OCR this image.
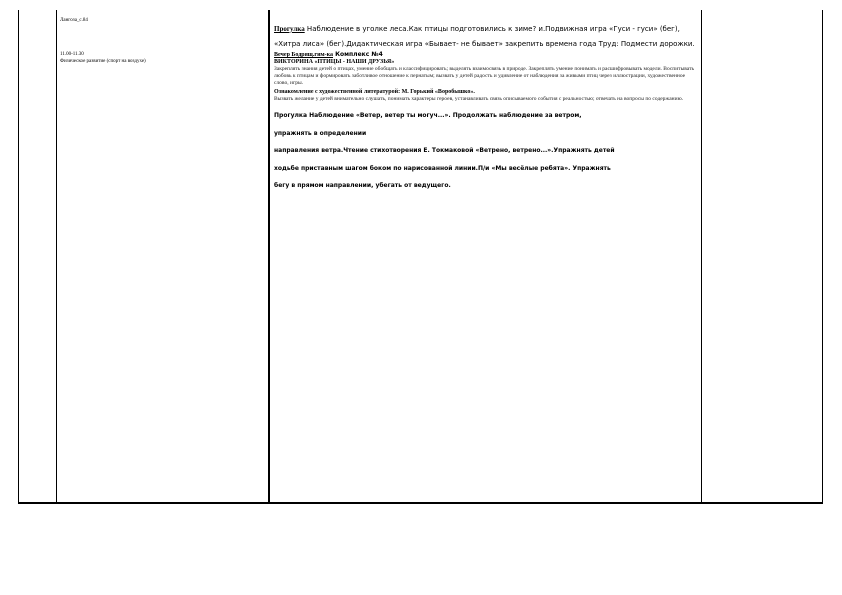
Лангоза_с.84

11.00-11.30

Физическое развитие (спорт на воздухе)

Прогулка Наблюдение в уголке леса.Как птицы подготовились к зиме? и.Подвижная игра «Гуси - гуси» (бег), «Хитра лиса» (бег).Дидактическая игра «Бывает- не бывает» закрепить времена года Труд: Подмести дорожки.

Вечер Бодрящ.гим-ка Комплекс №4

ВИКТОРИНА «ПТИЦЫ - НАШИ ДРУЗЬЯ»

Закреплять знания детей о птицах, умение обобщать и классифицировать; выделять взаимосвязь в природе. Закреплять умение понимать и расшифровывать модели. Воспитывать любовь к птицам и формировать заботливое отношение к пернатым; вызвать у детей радость и удивление от наблюдения за живыми птиц через иллюстрации, художественное слово, игры.

Ознакомление с художественной литературой: М. Горький «Воробышко».

Вызвать желание у детей внимательно слушать, понимать характеры героев, устанавливать связь описываемого события с реальностью; отвечать на вопросы по содержанию.

Прогулка Наблюдение «Ветер, ветер ты могуч...». Продолжать наблюдение за ветром,

упражнять в определении

направления ветра.Чтение стихотворения Е. Токмаковой «Ветрено, ветрено...».Упражнять детей

ходьбе приставным шагом боком по нарисованной линии.П/и «Мы весёлые ребята». Упражнять

бегу в прямом направлении, убегать от ведущего.
